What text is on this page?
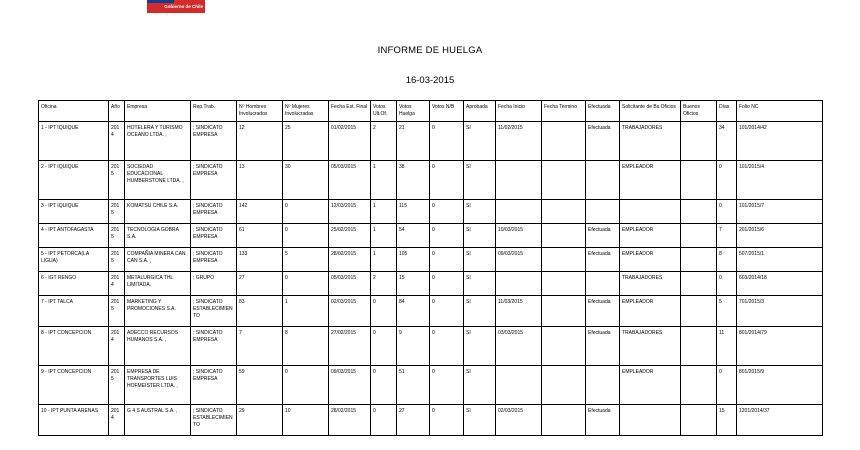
Gobierno de Chile
INFORME DE HUELGA
16-03-2015
Oficina	Año	Empresa	Rep.Trab.	Nº Hombres Involucrados	Nº Mujeres Involucradas	Fecha Est. Final	Votos Ult.Of.	Votos Huelga	Votos N/B	Aprobada	Fecha Inicio	Fecha Termino	Efectuada	Solicitante de Bs.Oficios	Buenos Oficios	Días	Folio NC
1 - IPT IQUIQUE	2014	HOTELERA Y TURISMO OCEANO LTDA. ,	; SINDICATO EMPRESA	12	25	01/02/2015	2	21	0	SI	11/02/2015		Efectuada	TRABAJADORES		34	101/2014/42
2 - IPT IQUIQUE	2015	SOCIEDAD EDUCACIONAL HUMBERSTONE LTDA. ,	; SINDICATO EMPRESA	13	30	05/03/2015	1	38	0	SI				EMPLEADOR		0	101/2015/4
3 - IPT IQUIQUE	2015	KOMATSU CHILE S.A.	; SINDICATO EMPRESA	142	0	12/03/2015	1	115	0	SI						0	101/2015/7
4 - IPT ANTOFAGASTA	2015	TECNOLOGIA GOBRA S.A.	; SINDICATO EMPRESA	61	0	25/02/2015	1	54	0	SI	10/03/2015		Efectuada	EMPLEADOR		7	201/2015/6
5 - IPT PETORCA(LA LIGUA)	2015	COMPAÑIA MINERA CAN CAN S.A. ,	; SINDICATO EMPRESA	133	5	28/02/2015	1	105	0	SI	09/03/2015		Efectuada	EMPLEADOR		8	507/2015/1
6 - IGT RENGO	2014	METALURGICA THL LIMITADA.	; GRUPO	27	0	05/03/2015	2	15	0	SI				TRABAJADORES		0	603/2014/18
7 - IPT TALCA	2015	MARKETING Y PROMOCIONES S.A.	; SINDICATO ESTABLECIMIENTO	83	1	02/03/2015	0	84	0	SI	11/03/2015		Efectuada	EMPLEADOR		5	701/2015/3
8 - IPT CONCEPCION	2014	ADECCO RECURSOS HUMANOS S.A. ,	; SINDICATO EMPRESA	7	8	27/02/2015	0	9	0	SI	03/03/2015		Efectuada	TRABAJADORES		11	801/2014/79
9 - IPT CONCEPCION	2015	EMPRESA DE TRANSPORTES LUIS HOFMEISTER LTDA. ,	; SINDICATO EMPRESA	59	0	09/03/2015	0	51	0	SI				EMPLEADOR		0	801/2015/9
10 - IPT PUNTA ARENAS	2014	G 4 S AUSTRAL S.A. ,	; SINDICATO ESTABLECIMIENTO	29	10	28/02/2015	0	27	0	SI	02/03/2015		Efectuada			15	1201/2014/37
